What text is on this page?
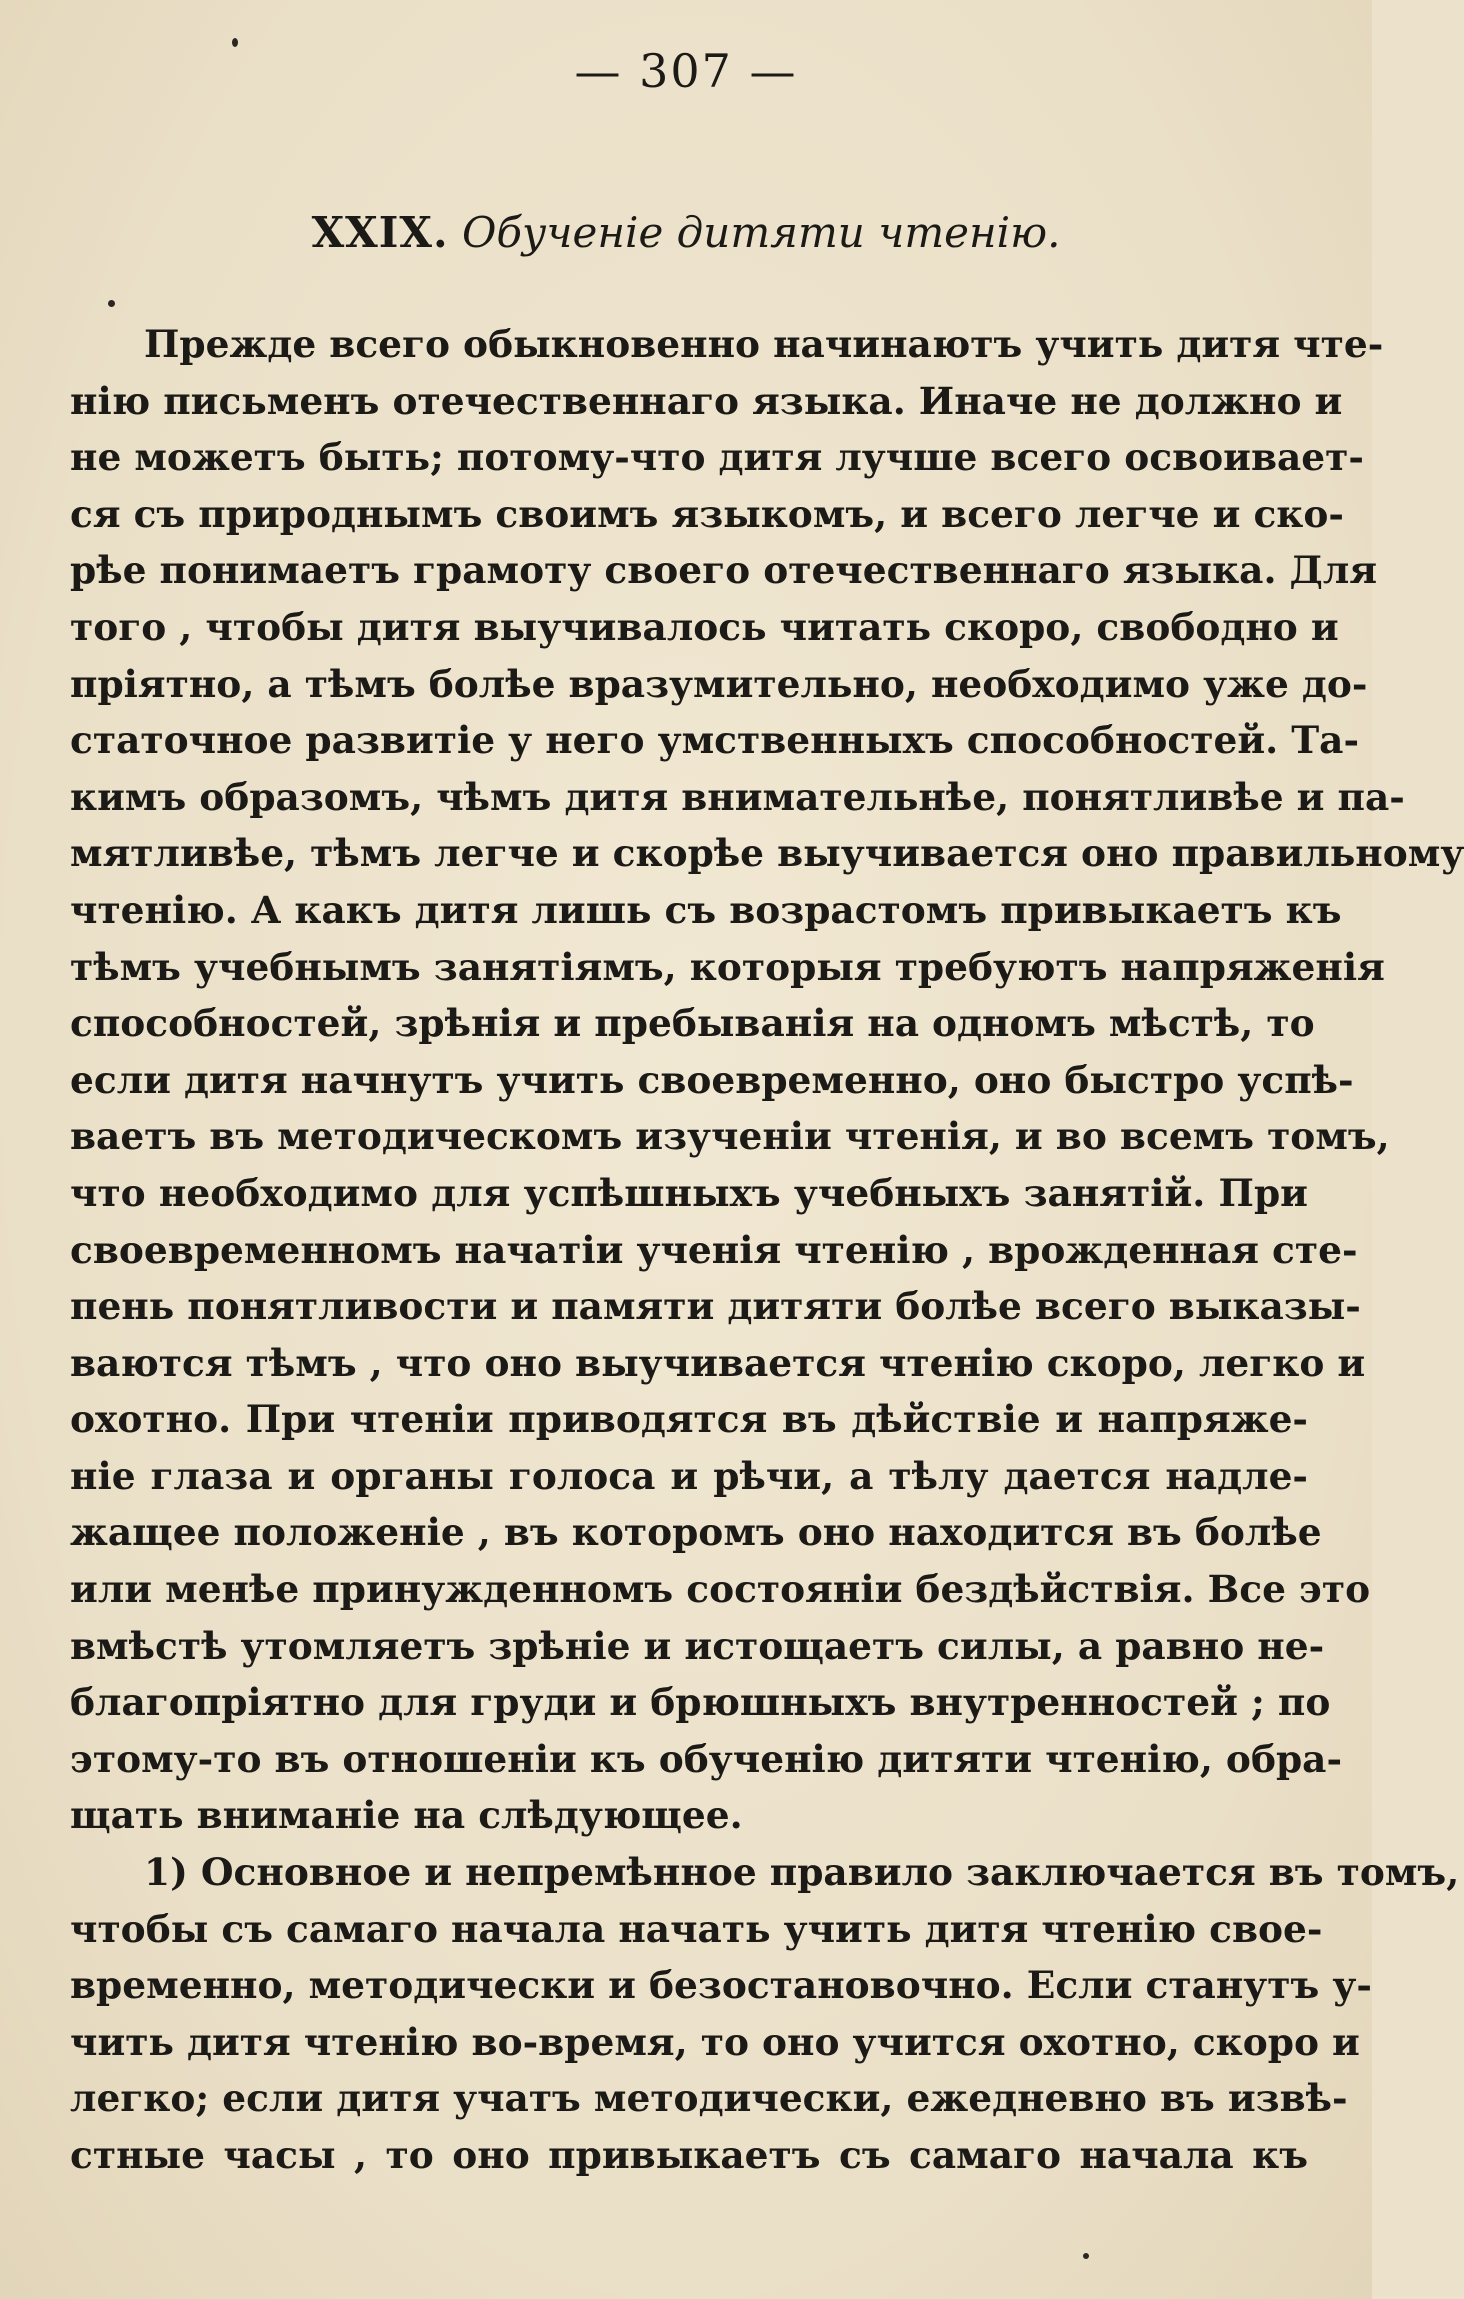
— 307 —
XXIX. Обученiе дитяти чтенiю.
Прежде всего обыкновенно начинаютъ учить дитя чте-
нiю письменъ отечественнаго языка. Иначе не должно и
не можетъ быть; потому-что дитя лучше всего освоивает-
ся съ природнымъ своимъ языкомъ, и всего легче и ско-
рѣе понимаетъ грамоту своего отечественнаго языка. Для
того , чтобы дитя выучивалось читать скоро, свободно и
прiятно, а тѣмъ болѣе вразумительно, необходимо уже до-
статочное развитiе у него умственныхъ способностей. Та-
кимъ образомъ, чѣмъ дитя внимательнѣе, понятливѣе и па-
мятливѣе, тѣмъ легче и скорѣе выучивается оно правильному
чтенiю. А какъ дитя лишь съ возрастомъ привыкаетъ къ
тѣмъ учебнымъ занятiямъ, которыя требуютъ напряженiя
способностей, зрѣнiя и пребыванiя на одномъ мѣстѣ, то
если дитя начнутъ учить своевременно, оно быстро успѣ-
ваетъ въ методическомъ изученiи чтенiя, и во всемъ томъ,
что необходимо для успѣшныхъ учебныхъ занятiй. При
своевременномъ начатiи ученiя чтенiю , врожденная сте-
пень понятливости и памяти дитяти болѣе всего выказы-
ваются тѣмъ , что оно выучивается чтенiю скоро, легко и
охотно. При чтенiи приводятся въ дѣйствiе и напряже-
нiе глаза и органы голоса и рѣчи, а тѣлу дается надле-
жащее положенiе , въ которомъ оно находится въ болѣе
или менѣе принужденномъ состоянiи бездѣйствiя. Все это
вмѣстѣ утомляетъ зрѣнiе и истощаетъ силы, а равно не-
благопрiятно для груди и брюшныхъ внутренностей ; по
этому-то въ отношенiи къ обученiю дитяти чтенiю, обра-
щать вниманiе на слѣдующее.
1) Основное и непремѣнное правило заключается въ томъ,
чтобы съ самаго начала начать учить дитя чтенiю свое-
временно, методически и безостановочно. Если станутъ у-
чить дитя чтенiю во-время, то оно учится охотно, скоро и
легко; если дитя учатъ методически, ежедневно въ извѣ-
стные часы , то оно привыкаетъ съ самаго начала къ
